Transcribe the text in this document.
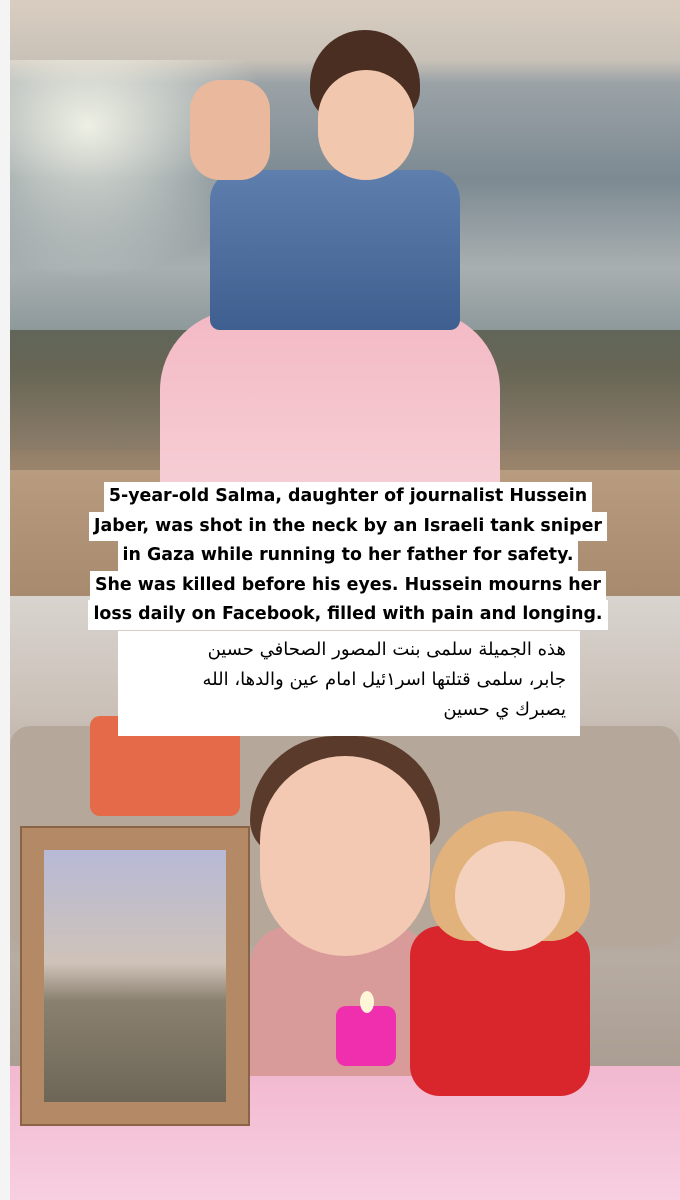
5-year-old Salma, daughter of journalist Hussein
Jaber, was shot in the neck by an Israeli tank sniper
in Gaza while running to her father for safety.
She was killed before his eyes. Hussein mourns her
loss daily on Facebook, filled with pain and longing.
هذه الجميلة سلمى بنت المصور الصحافي حسين
جابر، سلمى قتلتها اسر١ئيل امام عين والدها، الله
يصبرك ي حسين
